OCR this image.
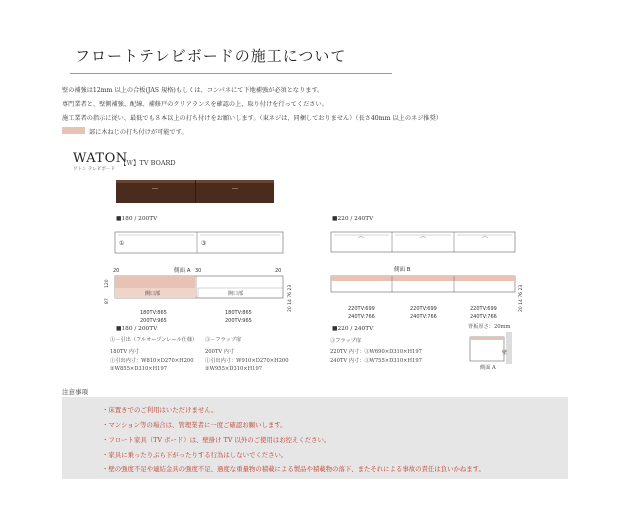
フロートテレビボードの施工について
壁の補強は12mm 以上の合板(JAS 規格)もしくは、コンパネにて下地補強が必須となります。
専門業者と、壁側補強、配線、補修戸のクリアランスを確認の上、取り付けを行ってください。
施工業者の指示に従い、最低でも８本以上の打ち付けをお願いします。（東ネジは、同梱しておりません）（長さ40mm 以上のネジ推奨）
部に木ねじの打ち付けが可能です。
WATON
【Ｗ】TV BOARD
ワトン テレビボード
■180 / 200TV
①	③
側面 A
20	30	20
開口部	開口部
180TV:865
200TV:965
180TV:865
200TV:965
87
120
20 14 76 23
■180 / 200TV
①－引出（フルオープンレール仕様） ③－フラップ扉
180TV 内寸
①引出内寸：W810×D270×H200
②W855×D310×H197
200TV 内寸
①引出内寸：W910×D270×H200
②W955×D310×H197
■220 / 240TV
側面 B
220TV:699
240TV:766
220TV:699
240TV:766
220TV:699
240TV:766
20 14 76 23
■220 / 240TV
③フラップ扉
220TV 内寸：③W690×D310×H197
240TV 内寸：③W755×D310×H197
背板厚さ：20mm
壁
側面 A
注意事項
・床置きでのご利用はいただけません。
・マンション等の場合は、管理業者に一度ご確認お願いします。
・フロート家具（TV ボード）は、壁掛け TV 以外のご使用はお控えください。
・家具に乗ったりぶら下がったりする行為はしないでください。
・壁の強度不足や連結金具の強度不足、過度な重量物の積載による製品や積載物の落下、またそれによる事故の責任は負いかねます。
